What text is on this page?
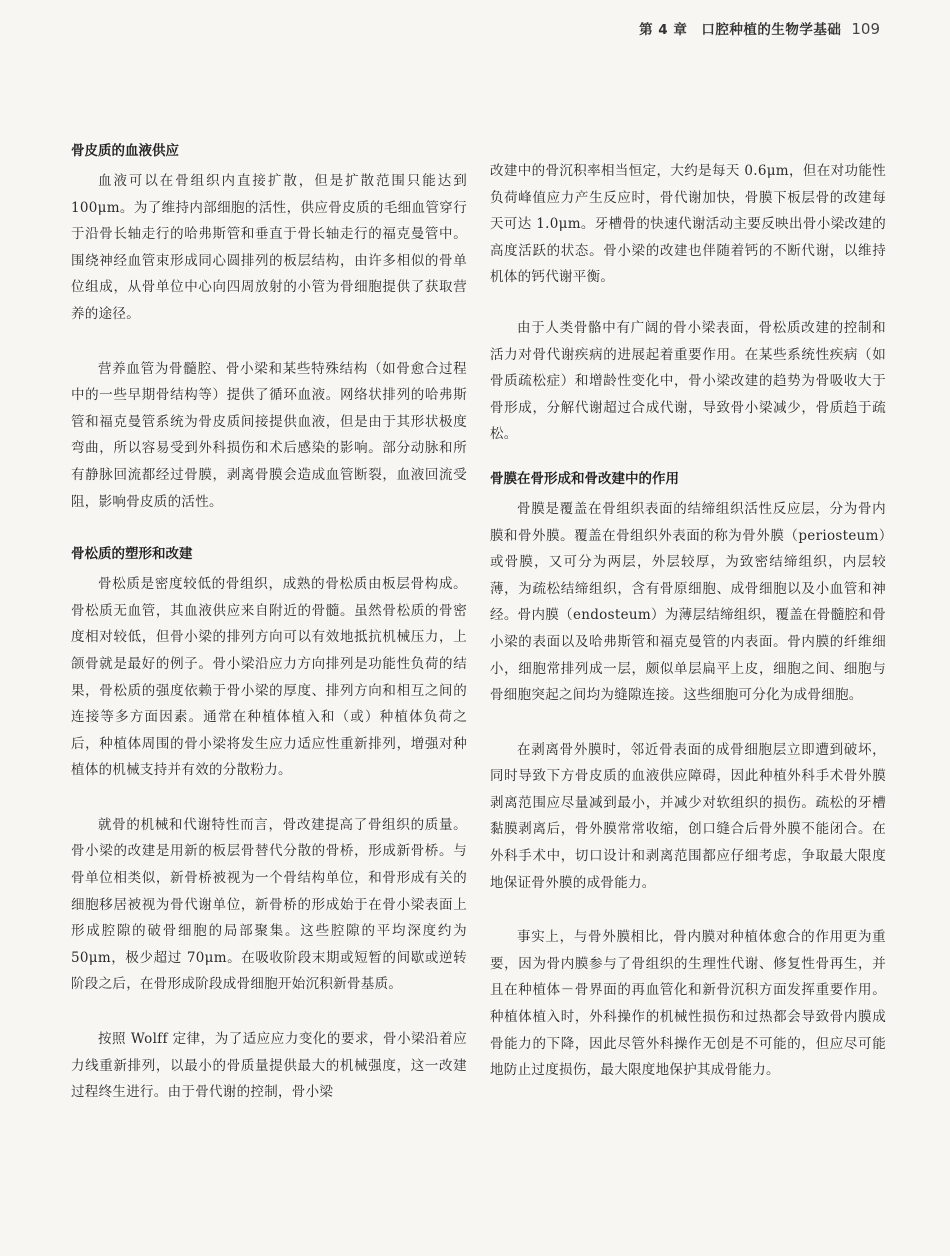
第 4 章　口腔种植的生物学基础 109
骨皮质的血液供应

血液可以在骨组织内直接扩散，但是扩散范围只能达到 100μm。为了维持内部细胞的活性，供应骨皮质的毛细血管穿行于沿骨长轴走行的哈弗斯管和垂直于骨长轴走行的福克曼管中。围绕神经血管束形成同心圆排列的板层结构，由许多相似的骨单位组成，从骨单位中心向四周放射的小管为骨细胞提供了获取营养的途径。

营养血管为骨髓腔、骨小梁和某些特殊结构（如骨愈合过程中的一些早期骨结构等）提供了循环血液。网络状排列的哈弗斯管和福克曼管系统为骨皮质间接提供血液，但是由于其形状极度弯曲，所以容易受到外科损伤和术后感染的影响。部分动脉和所有静脉回流都经过骨膜，剥离骨膜会造成血管断裂，血液回流受阻，影响骨皮质的活性。

骨松质的塑形和改建

骨松质是密度较低的骨组织，成熟的骨松质由板层骨构成。骨松质无血管，其血液供应来自附近的骨髓。虽然骨松质的骨密度相对较低，但骨小梁的排列方向可以有效地抵抗机械压力，上颌骨就是最好的例子。骨小梁沿应力方向排列是功能性负荷的结果，骨松质的强度依赖于骨小梁的厚度、排列方向和相互之间的连接等多方面因素。通常在种植体植入和（或）种植体负荷之后，种植体周围的骨小梁将发生应力适应性重新排列，增强对种植体的机械支持并有效的分散粉力。

就骨的机械和代谢特性而言，骨改建提高了骨组织的质量。骨小梁的改建是用新的板层骨替代分散的骨桥，形成新骨桥。与骨单位相类似，新骨桥被视为一个骨结构单位，和骨形成有关的细胞移居被视为骨代谢单位，新骨桥的形成始于在骨小梁表面上形成腔隙的破骨细胞的局部聚集。这些腔隙的平均深度约为 50μm，极少超过 70μm。在吸收阶段末期或短暂的间歇或逆转阶段之后，在骨形成阶段成骨细胞开始沉积新骨基质。

按照 Wolff 定律，为了适应应力变化的要求，骨小梁沿着应力线重新排列，以最小的骨质量提供最大的机械强度，这一改建过程终生进行。由于骨代谢的控制，骨小梁

改建中的骨沉积率相当恒定，大约是每天 0.6μm，但在对功能性负荷峰值应力产生反应时，骨代谢加快，骨膜下板层骨的改建每天可达 1.0μm。牙槽骨的快速代谢活动主要反映出骨小梁改建的高度活跃的状态。骨小梁的改建也伴随着钙的不断代谢，以维持机体的钙代谢平衡。

由于人类骨骼中有广阔的骨小梁表面，骨松质改建的控制和活力对骨代谢疾病的进展起着重要作用。在某些系统性疾病（如骨质疏松症）和增龄性变化中，骨小梁改建的趋势为骨吸收大于骨形成，分解代谢超过合成代谢，导致骨小梁减少，骨质趋于疏松。

骨膜在骨形成和骨改建中的作用

骨膜是覆盖在骨组织表面的结缔组织活性反应层，分为骨内膜和骨外膜。覆盖在骨组织外表面的称为骨外膜（periosteum）或骨膜，又可分为两层，外层较厚，为致密结缔组织，内层较薄，为疏松结缔组织，含有骨原细胞、成骨细胞以及小血管和神经。骨内膜（endosteum）为薄层结缔组织，覆盖在骨髓腔和骨小梁的表面以及哈弗斯管和福克曼管的内表面。骨内膜的纤维细小，细胞常排列成一层，颇似单层扁平上皮，细胞之间、细胞与骨细胞突起之间均为缝隙连接。这些细胞可分化为成骨细胞。

在剥离骨外膜时，邻近骨表面的成骨细胞层立即遭到破坏，同时导致下方骨皮质的血液供应障碍，因此种植外科手术骨外膜剥离范围应尽量减到最小，并减少对软组织的损伤。疏松的牙槽黏膜剥离后，骨外膜常常收缩，创口缝合后骨外膜不能闭合。在外科手术中，切口设计和剥离范围都应仔细考虑，争取最大限度地保证骨外膜的成骨能力。

事实上，与骨外膜相比，骨内膜对种植体愈合的作用更为重要，因为骨内膜参与了骨组织的生理性代谢、修复性骨再生，并且在种植体－骨界面的再血管化和新骨沉积方面发挥重要作用。种植体植入时，外科操作的机械性损伤和过热都会导致骨内膜成骨能力的下降，因此尽管外科操作无创是不可能的，但应尽可能地防止过度损伤，最大限度地保护其成骨能力。
